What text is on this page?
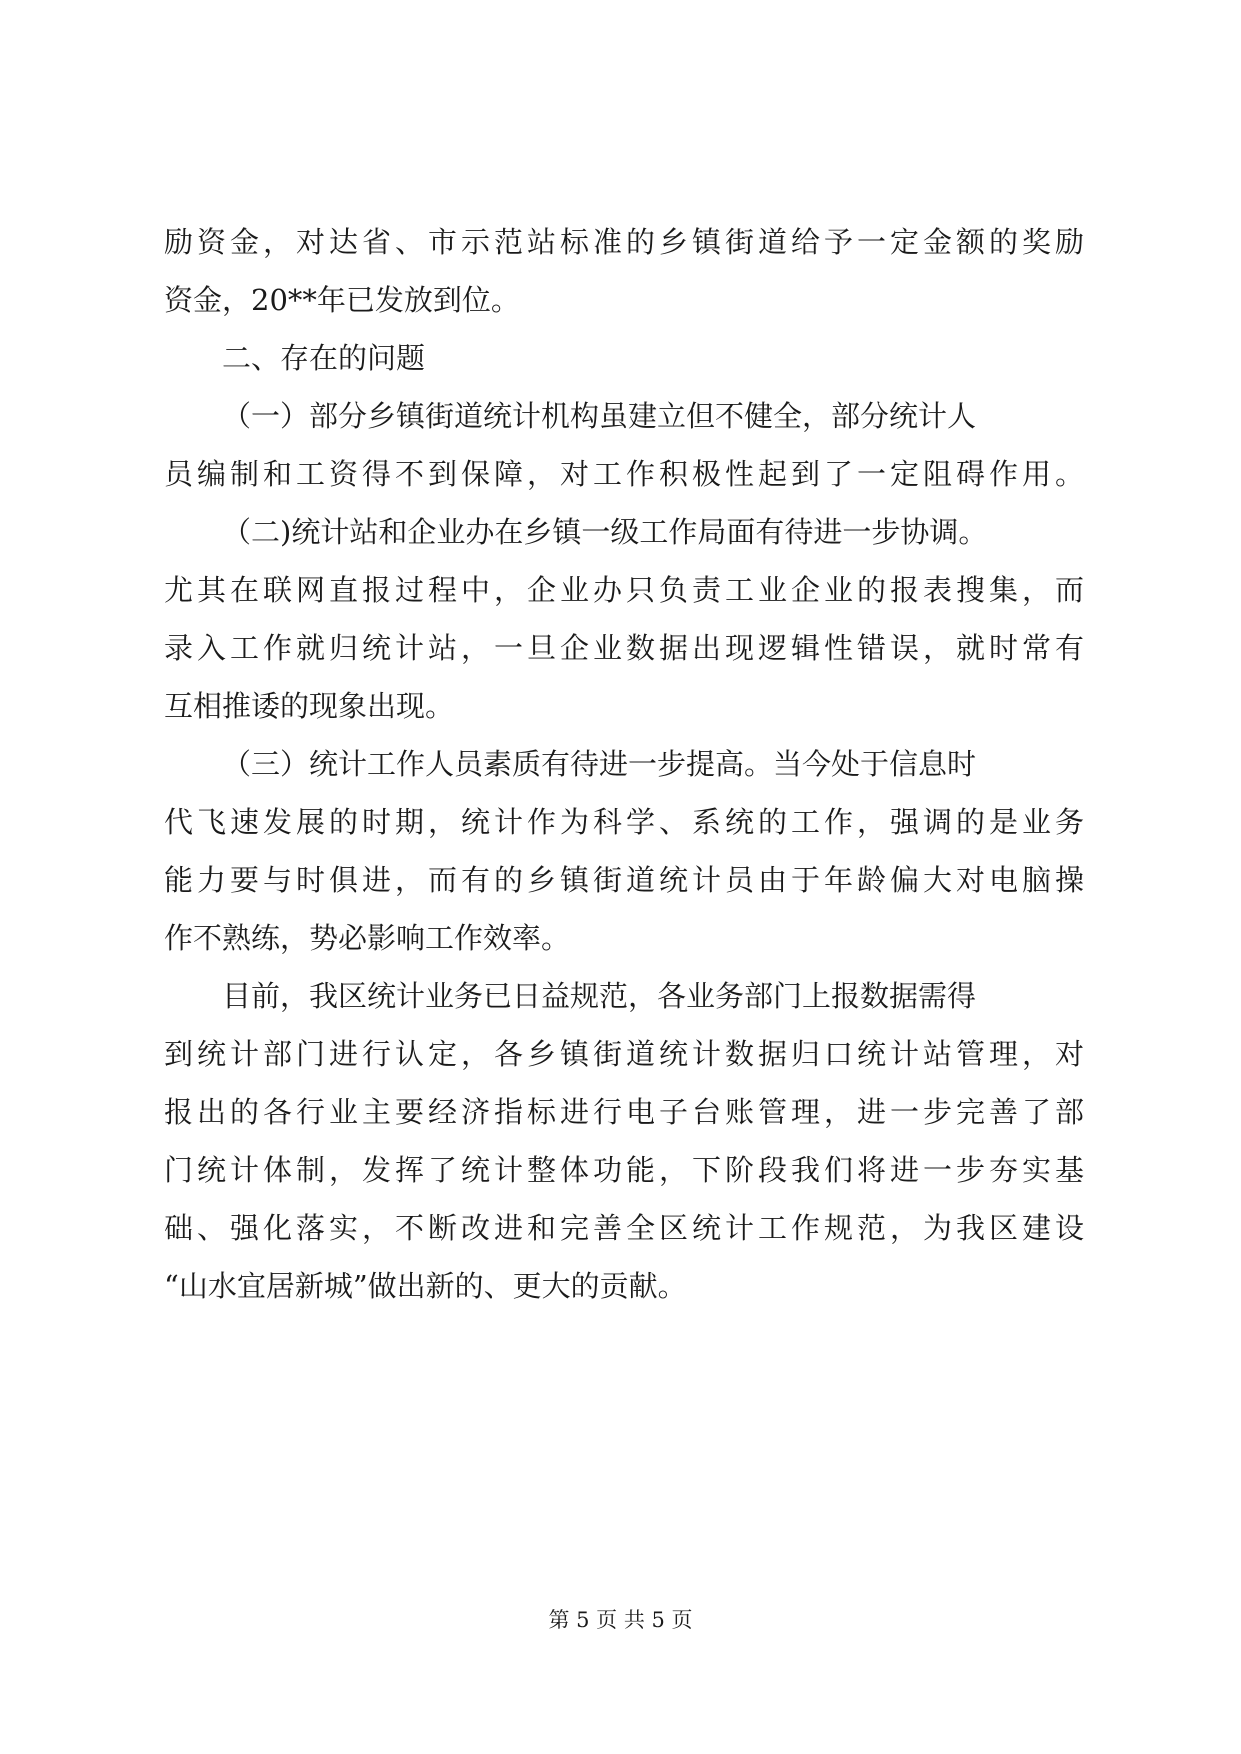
励资金，对达省、市示范站标准的乡镇街道给予一定金额的奖励
资金，20**年已发放到位。
二、存在的问题
（一）部分乡镇街道统计机构虽建立但不健全，部分统计人
员编制和工资得不到保障，对工作积极性起到了一定阻碍作用。
（二)统计站和企业办在乡镇一级工作局面有待进一步协调。
尤其在联网直报过程中，企业办只负责工业企业的报表搜集，而
录入工作就归统计站，一旦企业数据出现逻辑性错误，就时常有
互相推诿的现象出现。
（三）统计工作人员素质有待进一步提高。当今处于信息时
代飞速发展的时期，统计作为科学、系统的工作，强调的是业务
能力要与时俱进，而有的乡镇街道统计员由于年龄偏大对电脑操
作不熟练，势必影响工作效率。
目前，我区统计业务已日益规范，各业务部门上报数据需得
到统计部门进行认定，各乡镇街道统计数据归口统计站管理，对
报出的各行业主要经济指标进行电子台账管理，进一步完善了部
门统计体制，发挥了统计整体功能，下阶段我们将进一步夯实基
础、强化落实，不断改进和完善全区统计工作规范，为我区建设
“山水宜居新城”做出新的、更大的贡献。
第 5 页 共 5 页
